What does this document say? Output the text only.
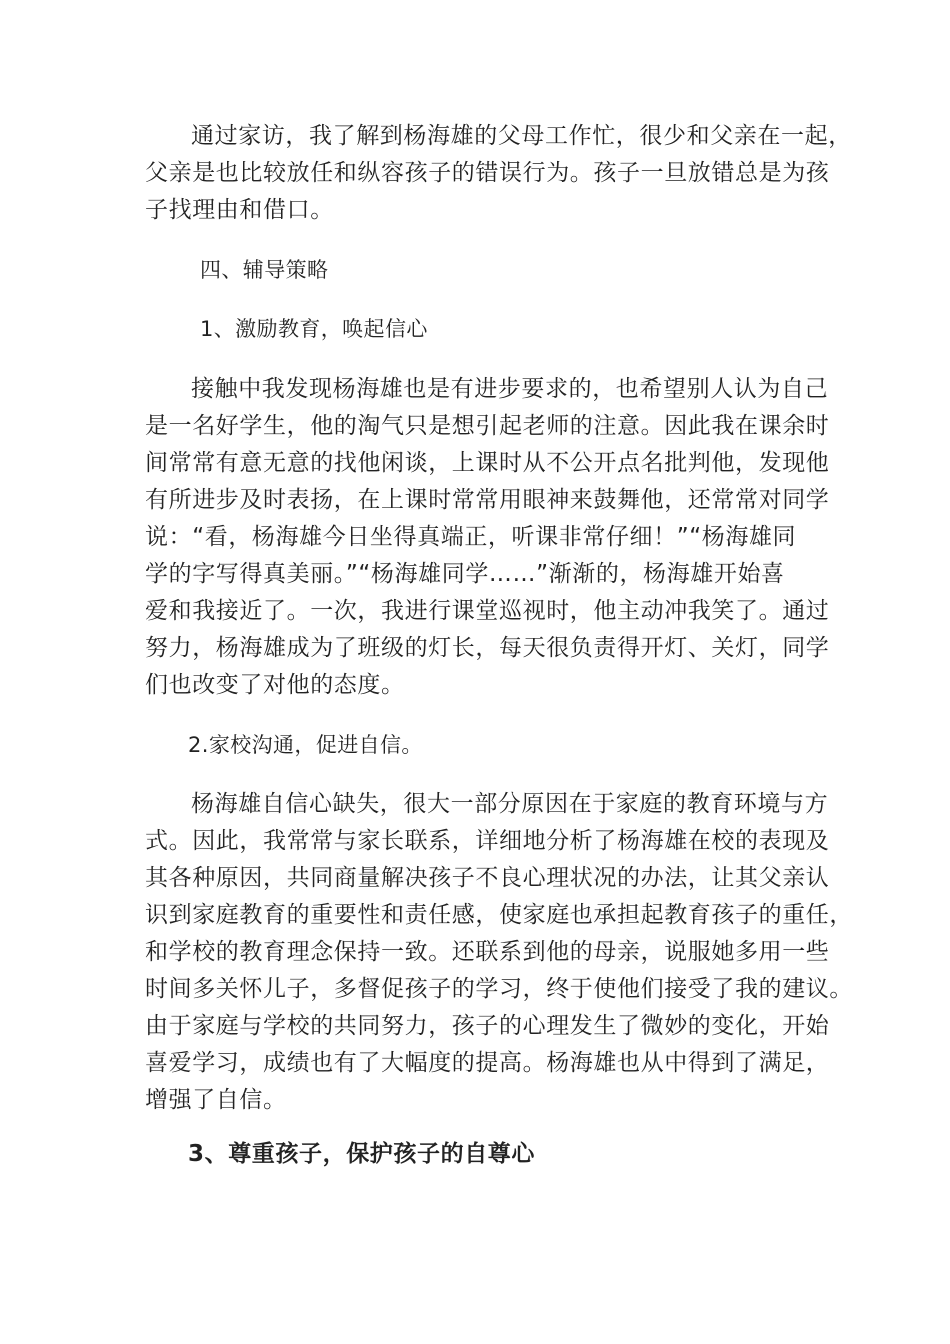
通过家访，我了解到杨海雄的父母工作忙，很少和父亲在一起，
父亲是也比较放任和纵容孩子的错误行为。孩子一旦放错总是为孩
子找理由和借口。
四、辅导策略
1、激励教育，唤起信心
接触中我发现杨海雄也是有进步要求的，也希望别人认为自己
是一名好学生，他的淘气只是想引起老师的注意。因此我在课余时
间常常有意无意的找他闲谈，上课时从不公开点名批判他，发现他
有所进步及时表扬，在上课时常常用眼神来鼓舞他，还常常对同学
说：“看，杨海雄今日坐得真端正，听课非常仔细！”“杨海雄同
学的字写得真美丽。”“杨海雄同学……”渐渐的，杨海雄开始喜
爱和我接近了。一次，我进行课堂巡视时，他主动冲我笑了。通过
努力，杨海雄成为了班级的灯长，每天很负责得开灯、关灯，同学
们也改变了对他的态度。
2.家校沟通，促进自信。
杨海雄自信心缺失，很大一部分原因在于家庭的教育环境与方
式。因此，我常常与家长联系，详细地分析了杨海雄在校的表现及
其各种原因，共同商量解决孩子不良心理状况的办法，让其父亲认
识到家庭教育的重要性和责任感，使家庭也承担起教育孩子的重任，
和学校的教育理念保持一致。还联系到他的母亲，说服她多用一些
时间多关怀儿子，多督促孩子的学习，终于使他们接受了我的建议。
由于家庭与学校的共同努力，孩子的心理发生了微妙的变化，开始
喜爱学习，成绩也有了大幅度的提高。杨海雄也从中得到了满足，
增强了自信。
3、尊重孩子，保护孩子的自尊心
